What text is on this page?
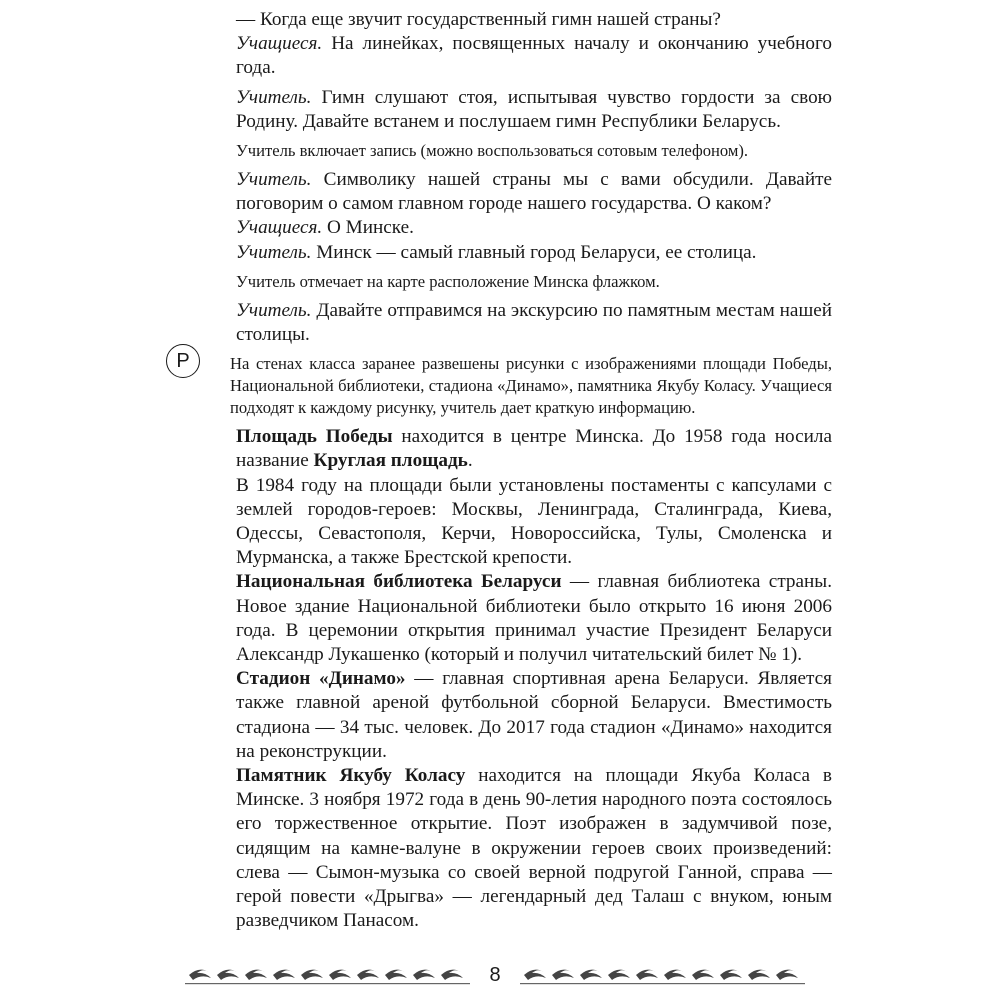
— Когда еще звучит государственный гимн нашей страны?

Учащиеся. На линейках, посвященных началу и окончанию учебного года.

Учитель. Гимн слушают стоя, испытывая чувство гордости за свою Родину. Давайте встанем и послушаем гимн Республики Беларусь.

Учитель включает запись (можно воспользоваться сотовым телефоном).

Учитель. Символику нашей страны мы с вами обсудили. Давайте поговорим о самом главном городе нашего государства. О каком?

Учащиеся. О Минске.

Учитель. Минск — самый главный город Беларуси, ее столица.

Учитель отмечает на карте расположение Минска флажком.

Учитель. Давайте отправимся на экскурсию по памятным местам нашей столицы.

На стенах класса заранее развешены рисунки с изображениями площади Победы, Национальной библиотеки, стадиона «Динамо», памятника Якубу Коласу. Учащиеся подходят к каждому рисунку, учитель дает краткую информацию.

Площадь Победы находится в центре Минска. До 1958 года носила название Круглая площадь.

В 1984 году на площади были установлены постаменты с капсулами с землей городов-героев: Москвы, Ленинграда, Сталинграда, Киева, Одессы, Севастополя, Керчи, Новороссийска, Тулы, Смоленска и Мурманска, а также Брестской крепости.

Национальная библиотека Беларуси — главная библиотека страны. Новое здание Национальной библиотеки было открыто 16 июня 2006 года. В церемонии открытия принимал участие Президент Беларуси Александр Лукашенко (который и получил читательский билет № 1).

Стадион «Динамо» — главная спортивная арена Беларуси. Является также главной ареной футбольной сборной Беларуси. Вместимость стадиона — 34 тыс. человек. До 2017 года стадион «Динамо» находится на реконструкции.

Памятник Якубу Коласу находится на площади Якуба Коласа в Минске. 3 ноября 1972 года в день 90-летия народного поэта состоялось его торжественное открытие. Поэт изображен в задумчивой позе, сидящим на камне-валуне в окружении героев своих произведений: слева — Сымон-музыка со своей верной подругой Ганной, справа — герой повести «Дрыгва» — легендарный дед Талаш с внуком, юным разведчиком Панасом.

Р
8
